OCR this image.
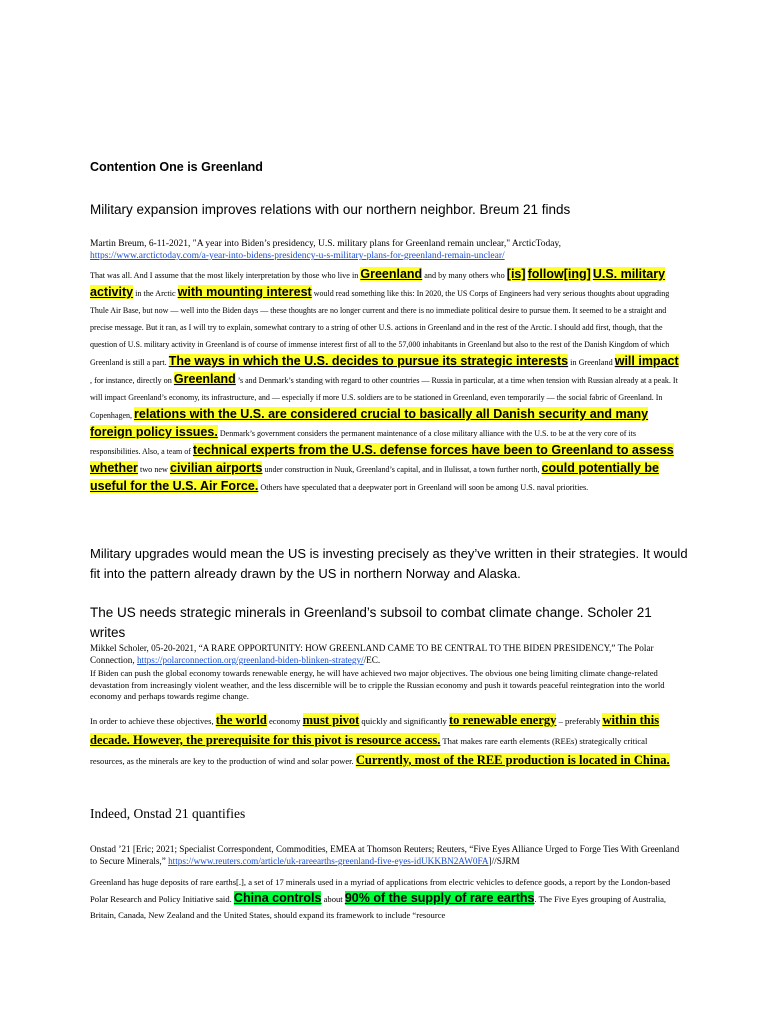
Contention One is Greenland
Military expansion improves relations with our northern neighbor. Breum 21 finds
Martin Breum, 6-11-2021, "A year into Biden’s presidency, U.S. military plans for Greenland remain unclear," ArcticToday,
https://www.arctictoday.com/a-year-into-bidens-presidency-u-s-military-plans-for-greenland-remain-unclear/
That was all. And I assume that the most likely interpretation by those who live in Greenland and by many others who [is] follow[ing] U.S. military activity in the Arctic with mounting interest would read something like this: In 2020, the US Corps of Engineers had very serious thoughts about upgrading Thule Air Base, but now — well into the Biden days — these thoughts are no longer current and there is no immediate political desire to pursue them. It seemed to be a straight and precise message. But it ran, as I will try to explain, somewhat contrary to a string of other U.S. actions in Greenland and in the rest of the Arctic. I should add first, though, that the question of U.S. military activity in Greenland is of course of immense interest first of all to the 57,000 inhabitants in Greenland but also to the rest of the Danish Kingdom of which Greenland is still a part. The ways in which the U.S. decides to pursue its strategic interests in Greenland will impact , for instance, directly on Greenland ’s and Denmark’s standing with regard to other countries — Russia in particular, at a time when tension with Russian already at a peak. It will impact Greenland’s economy, its infrastructure, and — especially if more U.S. soldiers are to be stationed in Greenland, even temporarily — the social fabric of Greenland. In Copenhagen, relations with the U.S. are considered crucial to basically all Danish security and many foreign policy issues. Denmark’s government considers the permanent maintenance of a close military alliance with the U.S. to be at the very core of its responsibilities. Also, a team of technical experts from the U.S. defense forces have been to Greenland to assess whether two new civilian airports under construction in Nuuk, Greenland’s capital, and in Ilulissat, a town further north, could potentially be useful for the U.S. Air Force. Others have speculated that a deepwater port in Greenland will soon be among U.S. naval priorities.
Military upgrades would mean the US is investing precisely as they’ve written in their strategies. It would fit into the pattern already drawn by the US in northern Norway and Alaska.
The US needs strategic minerals in Greenland’s subsoil to combat climate change. Scholer 21 writes
Mikkel Scholer, 05-20-2021, “A RARE OPPORTUNITY: HOW GREENLAND CAME TO BE CENTRAL TO THE BIDEN PRESIDENCY,” The Polar Connection, https://polarconnection.org/greenland-biden-blinken-strategy//EC.
If Biden can push the global economy towards renewable energy, he will have achieved two major objectives. The obvious one being limiting climate change-related devastation from increasingly violent weather, and the less discernible will be to cripple the Russian economy and push it towards peaceful reintegration into the world economy and perhaps towards regime change.
In order to achieve these objectives, the world economy must pivot quickly and significantly to renewable energy – preferably within this decade. However, the prerequisite for this pivot is resource access. That makes rare earth elements (REEs) strategically critical resources, as the minerals are key to the production of wind and solar power. Currently, most of the REE production is located in China.
Indeed, Onstad 21 quantifies
Onstad ’21 [Eric; 2021; Specialist Correspondent, Commodities, EMEA at Thomson Reuters; Reuters, “Five Eyes Alliance Urged to Forge Ties With Greenland to Secure Minerals,” https://www.reuters.com/article/uk-rareearths-greenland-five-eyes-idUKKBN2AW0FA]//SJRM
Greenland has huge deposits of rare earths[.], a set of 17 minerals used in a myriad of applications from electric vehicles to defence goods, a report by the London-based Polar Research and Policy Initiative said. China controls about 90% of the supply of rare earths. The Five Eyes grouping of Australia, Britain, Canada, New Zealand and the United States, should expand its framework to include “resource
